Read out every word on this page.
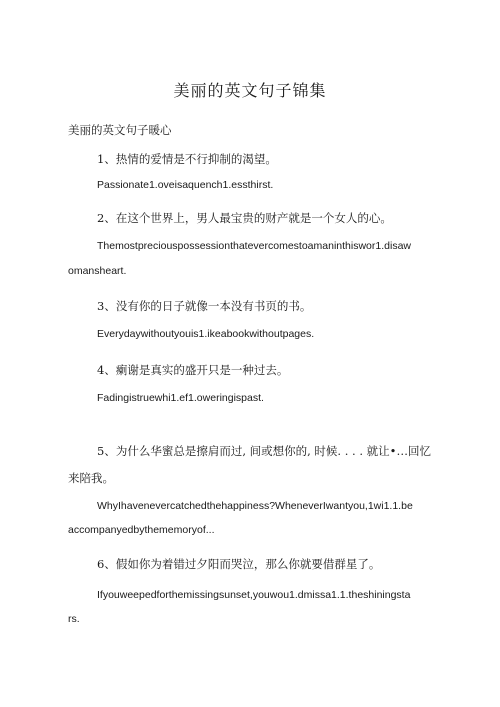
美丽的英文句子锦集
美丽的英文句子暖心
1、热情的爱情是不行抑制的渴望。
Passionate1.oveisaquench1.essthirst.
2、在这个世界上，男人最宝贵的财产就是一个女人的心。
Themostpreciouspossessionthatevercomestoamaninthiswor1.disaw
omansheart.
3、没有你的日子就像一本没有书页的书。
Everydaywithoutyouis1.ikeabookwithoutpages.
4、瘌谢是真实的盛开只是一种过去。
Fadingistruewhi1.ef1.oweringispast.
5、为什么华蜜总是擦肩而过, 间或想你的, 时候. . . . 就让•…回忆
来陪我。
WhyIhavenevercatchedthehappiness?WheneverIwantyou,1wi1.1.be
accompanyedbythememoryof...
6、假如你为着错过夕阳而哭泣，那么你就要借群星了。
Ifyouweepedforthemissingsunset,youwou1.dmissa1.1.theshiningsta
rs.
